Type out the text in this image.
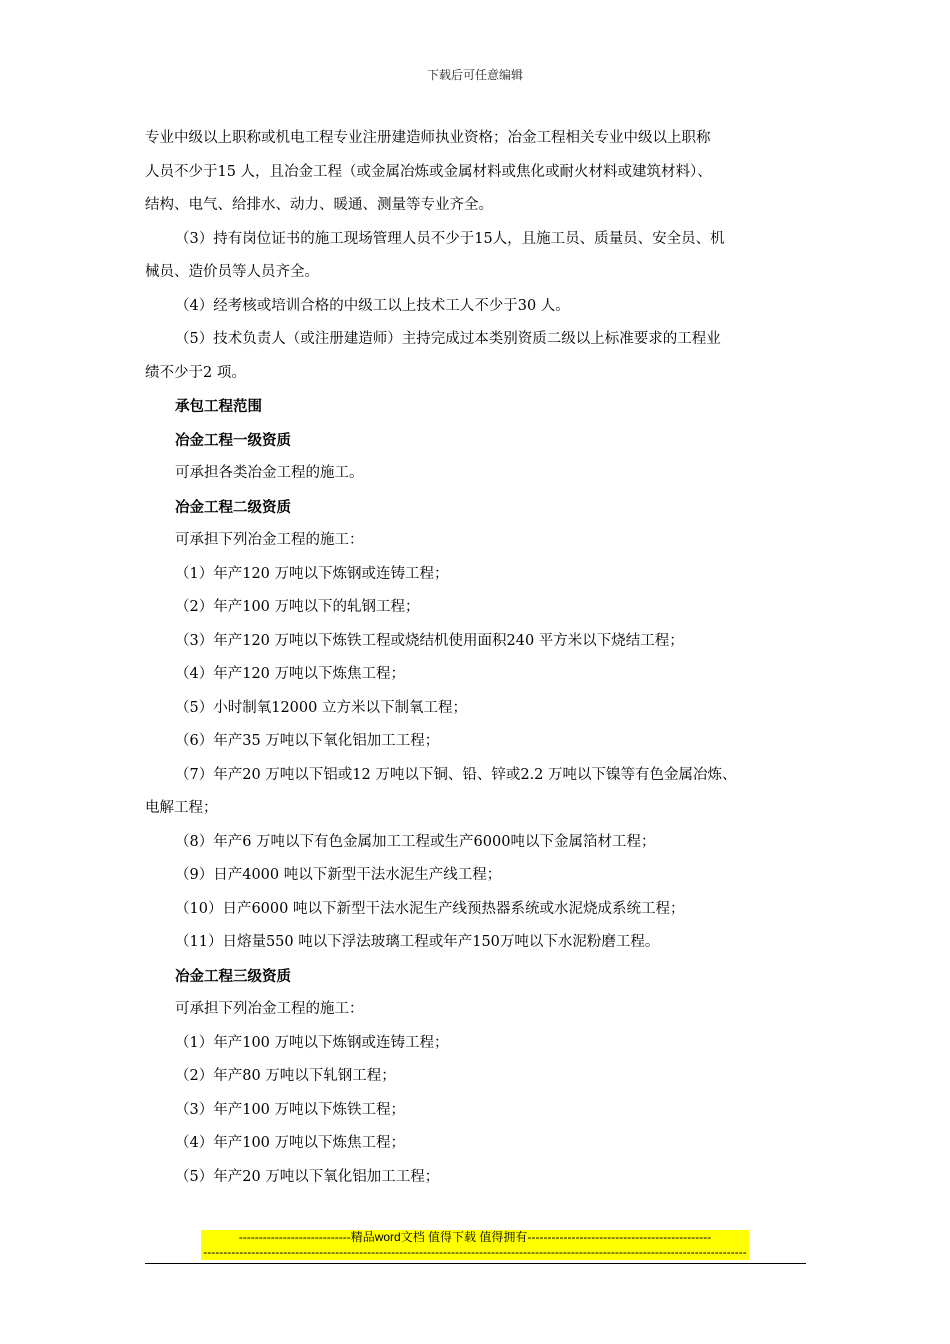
下载后可任意编辑
专业中级以上职称或机电工程专业注册建造师执业资格；冶金工程相关专业中级以上职称
人员不少于15 人，且冶金工程（或金属冶炼或金属材料或焦化或耐火材料或建筑材料）、
结构、电气、给排水、动力、暖通、测量等专业齐全。
（3）持有岗位证书的施工现场管理人员不少于15人，且施工员、质量员、安全员、机
械员、造价员等人员齐全。
（4）经考核或培训合格的中级工以上技术工人不少于30 人。
（5）技术负责人（或注册建造师）主持完成过本类别资质二级以上标准要求的工程业
绩不少于2 项。
承包工程范围
冶金工程一级资质
可承担各类冶金工程的施工。
冶金工程二级资质
可承担下列冶金工程的施工：
（1）年产120 万吨以下炼钢或连铸工程；
（2）年产100 万吨以下的轧钢工程；
（3）年产120 万吨以下炼铁工程或烧结机使用面积240 平方米以下烧结工程；
（4）年产120 万吨以下炼焦工程；
（5）小时制氧12000 立方米以下制氧工程；
（6）年产35 万吨以下氧化铝加工工程；
（7）年产20 万吨以下铝或12 万吨以下铜、铅、锌或2.2 万吨以下镍等有色金属冶炼、
电解工程；
（8）年产6 万吨以下有色金属加工工程或生产6000吨以下金属箔材工程；
（9）日产4000 吨以下新型干法水泥生产线工程；
（10）日产6000 吨以下新型干法水泥生产线预热器系统或水泥烧成系统工程；
（11）日熔量550 吨以下浮法玻璃工程或年产150万吨以下水泥粉磨工程。
冶金工程三级资质
可承担下列冶金工程的施工：
（1）年产100 万吨以下炼钢或连铸工程；
（2）年产80 万吨以下轧钢工程；
（3）年产100 万吨以下炼铁工程；
（4）年产100 万吨以下炼焦工程；
（5）年产20 万吨以下氧化铝加工工程；
----------------------------精品word文档 值得下载 值得拥有----------------------------------------------
----------------------------------------------------------------------------------------------------------------------------------------
